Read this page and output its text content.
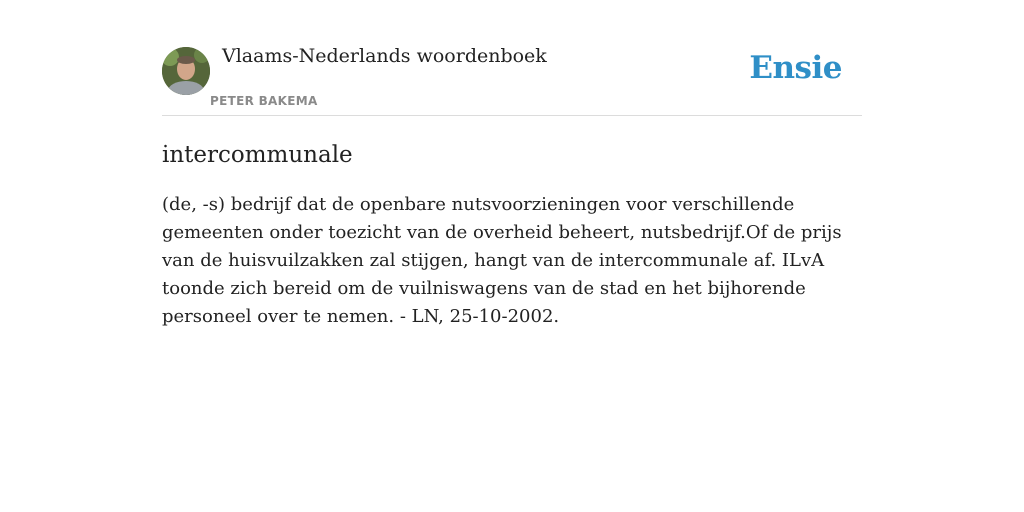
Vlaams-Nederlands woordenboek
PETER BAKEMA
Ensie
intercommunale
(de, -s) bedrijf dat de openbare nutsvoorzieningen voor verschillende gemeenten onder toezicht van de overheid beheert, nutsbedrijf.Of de prijs van de huisvuilzakken zal stijgen, hangt van de intercommunale af. ILvA toonde zich bereid om de vuilniswagens van de stad en het bijhorende personeel over te nemen. - LN, 25-10-2002.
